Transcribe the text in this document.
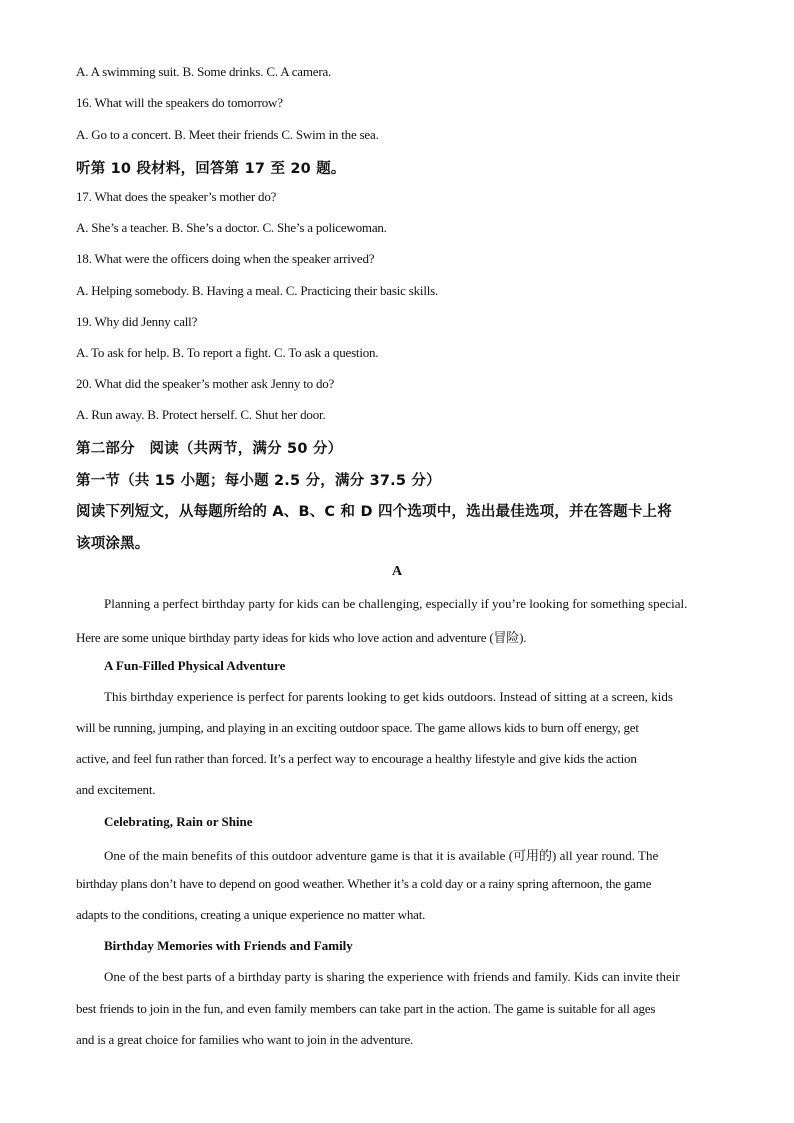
A. A swimming suit. B. Some drinks. C. A camera.
16. What will the speakers do tomorrow?
A. Go to a concert. B. Meet their friends C. Swim in the sea.
听第 10 段材料，回答第 17 至 20 题。
17. What does the speaker’s mother do?
A. She’s a teacher. B. She’s a doctor. C. She’s a policewoman.
18. What were the officers doing when the speaker arrived?
A. Helping somebody. B. Having a meal. C. Practicing their basic skills.
19. Why did Jenny call?
A. To ask for help. B. To report a fight. C. To ask a question.
20. What did the speaker’s mother ask Jenny to do?
A. Run away. B. Protect herself. C. Shut her door.
第二部分　阅读（共两节，满分 50 分）
第一节（共 15 小题；每小题 2.5 分，满分 37.5 分）
阅读下列短文，从每题所给的 A、B、C 和 D 四个选项中，选出最佳选项，并在答题卡上将
该项涂黑。
A
Planning a perfect birthday party for kids can be challenging, especially if you’re looking for something special.
Here are some unique birthday party ideas for kids who love action and adventure (冒险).
A Fun-Filled Physical Adventure
This birthday experience is perfect for parents looking to get kids outdoors. Instead of sitting at a screen, kids
will be running, jumping, and playing in an exciting outdoor space. The game allows kids to burn off energy, get
active, and feel fun rather than forced. It’s a perfect way to encourage a healthy lifestyle and give kids the action
and excitement.
Celebrating, Rain or Shine
One of the main benefits of this outdoor adventure game is that it is available (可用的) all year round. The
birthday plans don’t have to depend on good weather. Whether it’s a cold day or a rainy spring afternoon, the game
adapts to the conditions, creating a unique experience no matter what.
Birthday Memories with Friends and Family
One of the best parts of a birthday party is sharing the experience with friends and family. Kids can invite their
best friends to join in the fun, and even family members can take part in the action. The game is suitable for all ages
and is a great choice for families who want to join in the adventure.
